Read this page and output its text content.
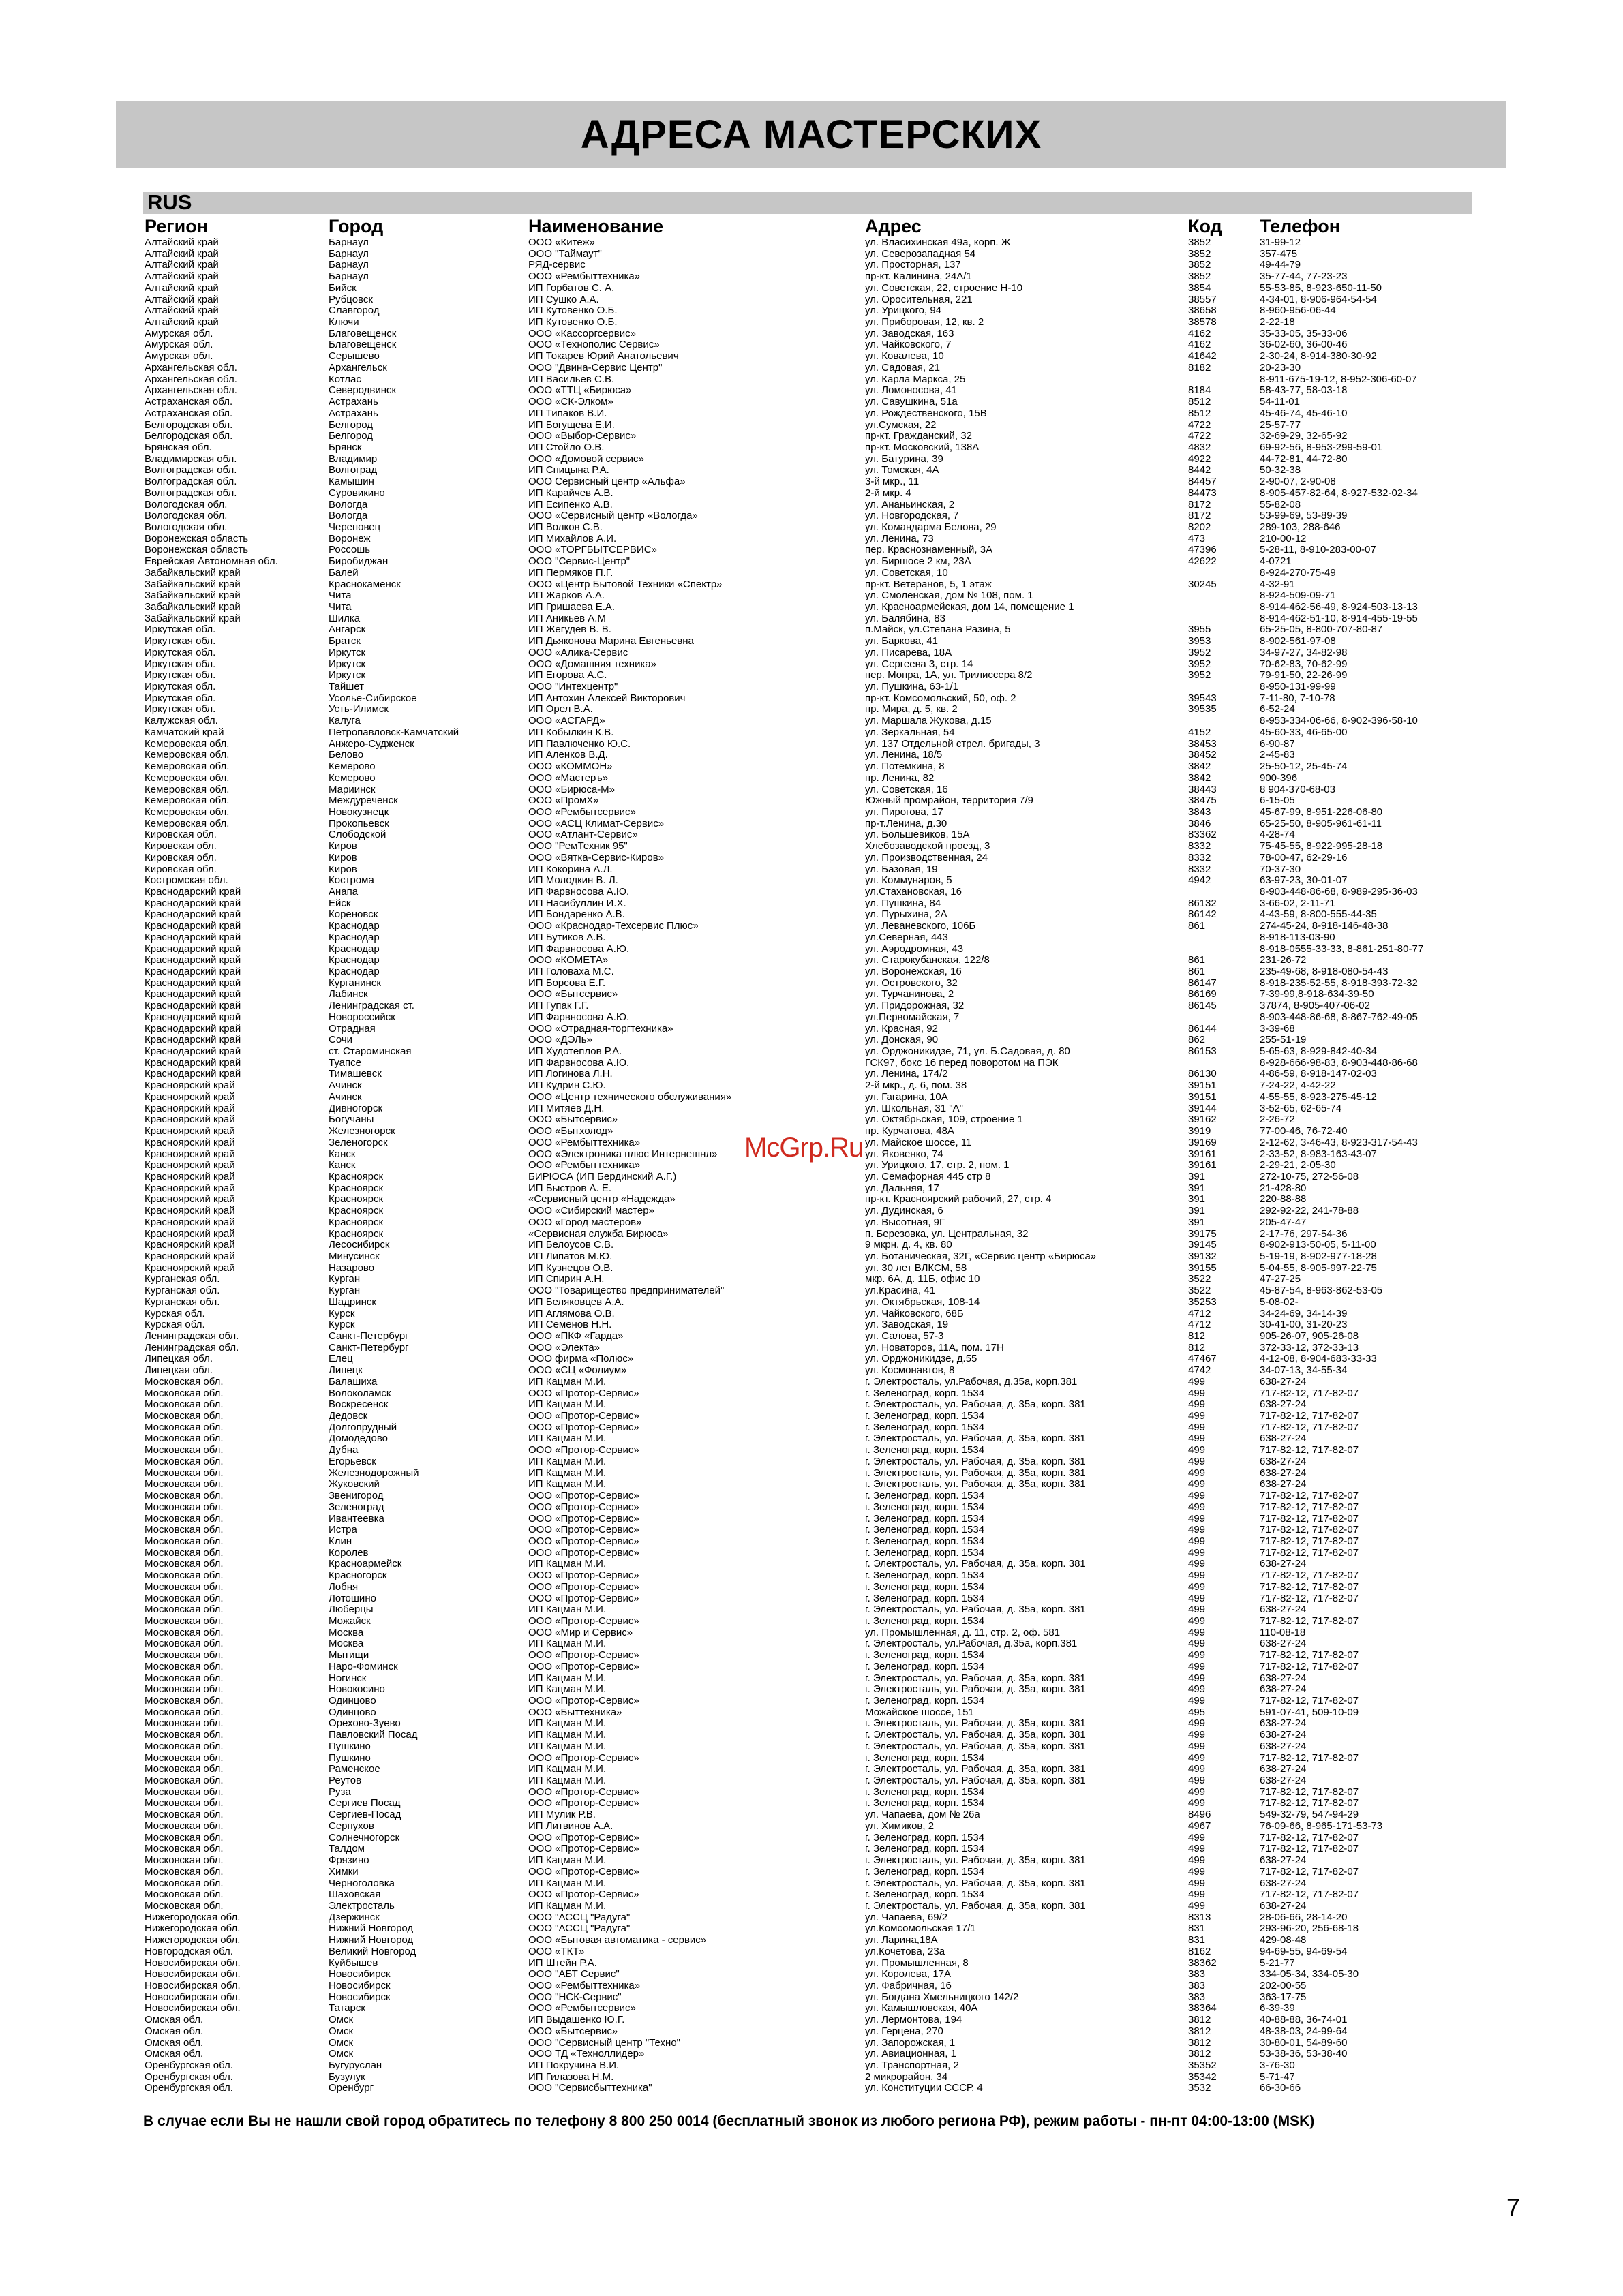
АДРЕСА МАСТЕРСКИХ
RUS
Регион	Город	Наименование	Адрес	Код	Телефон
Алтайский край	Барнаул	ООО «Китеж»	ул. Власихинская 49а, корп. Ж	3852	31-99-12
Алтайский край	Барнаул	ООО "Таймаут"	ул. Северозападная 54	3852	357-475
Алтайский край	Барнаул	РЯД-сервис	ул. Просторная, 137	3852	49-44-79
Алтайский край	Барнаул	ООО «Рембыттехника»	пр-кт. Калинина, 24А/1	3852	35-77-44, 77-23-23
Алтайский край	Бийск	ИП Горбатов С. А.	ул. Советская, 22, строение Н-10	3854	55-53-85, 8-923-650-11-50
Алтайский край	Рубцовск	ИП Сушко А.А.	ул. Оросительная, 221	38557	4-34-01, 8-906-964-54-54
Алтайский край	Славгород	ИП Кутовенко О.Б.	ул. Урицкого, 94	38658	8-960-956-06-44
Алтайский край	Ключи	ИП Кутовенко О.Б.	ул. Приборовая, 12, кв. 2	38578	2-22-18
Амурская обл.	Благовещенск	ООО «Кассоргсервис»	ул. Заводская, 163	4162	35-33-05, 35-33-06
Амурская обл.	Благовещенск	ООО «Технополис Сервис»	ул. Чайковского, 7	4162	36-02-60, 36-00-46
Амурская обл.	Серышево	ИП Токарев Юрий Анатольевич	ул. Ковалева, 10	41642	2-30-24, 8-914-380-30-92
Архангельская обл.	Архангельск	ООО "Двина-Сервис Центр"	ул. Садовая, 21	8182	20-23-30
Архангельская обл.	Котлас	ИП Васильев С.В.	ул. Карла Маркса, 25		8-911-675-19-12, 8-952-306-60-07
Архангельская обл.	Северодвинск	ООО «ТТЦ «Бирюса»	ул. Ломоносова, 41	8184	58-43-77, 58-03-18
Астраханская обл.	Астрахань	ООО «СК-Элком»	ул. Савушкина, 51а	8512	54-11-01
Астраханская обл.	Астрахань	ИП Типаков В.И.	ул. Рождественского, 15В	8512	45-46-74, 45-46-10
Белгородская обл.	Белгород	ИП Богущева Е.И.	ул.Сумская, 22	4722	25-57-77
Белгородская обл.	Белгород	ООО «Выбор-Сервис»	пр-кт. Гражданский, 32	4722	32-69-29, 32-65-92
Брянская обл.	Брянск	ИП Стойло О.В.	пр-кт. Московский, 138А	4832	69-92-56, 8-953-299-59-01
Владимирская обл.	Владимир	ООО «Домовой сервис»	ул. Батурина, 39	4922	44-72-81, 44-72-80
Волгоградская обл.	Волгоград	ИП Спицына Р.А.	ул. Томская, 4А	8442	50-32-38
Волгоградская обл.	Камышин	ООО Сервисный центр «Альфа»	3-й мкр., 11	84457	2-90-07, 2-90-08
Волгоградская обл.	Суровикино	ИП Карайчев А.В.	2-й мкр. 4	84473	8-905-457-82-64, 8-927-532-02-34
Вологодская обл.	Вологда	ИП Есипенко А.В.	ул. Ананьинская, 2	8172	55-82-08
Вологодская обл.	Вологда	ООО «Сервисный центр «Вологда»	ул. Новгородская, 7	8172	53-99-69, 53-89-39
Вологодская обл.	Череповец	ИП Волков С.В.	ул. Командарма Белова, 29	8202	289-103, 288-646
Воронежская область	Воронеж	ИП Михайлов А.И.	ул. Ленина, 73	473	210-00-12
Воронежская область	Россошь	ООО «ТОРГБЫТСЕРВИС»	пер. Краснознаменный, 3А	47396	5-28-11, 8-910-283-00-07
Еврейская Автономная обл.	Биробиджан	ООО "Сервис-Центр"	ул. Биршосе 2 км, 23А	42622	4-0721
Забайкальский край	Балей	ИП Пермяков П.Г.	ул. Советская, 10		8-924-270-75-49
Забайкальский край	Краснокаменск	ООО «Центр Бытовой Техники «Спектр»	пр-кт. Ветеранов, 5, 1 этаж	30245	4-32-91
Забайкальский край	Чита	ИП Жарков А.А.	ул. Смоленская, дом № 108, пом. 1		8-924-509-09-71
Забайкальский край	Чита	ИП Гришаева Е.А.	ул. Красноармейская, дом 14, помещение 1		8-914-462-56-49, 8-924-503-13-13
Забайкальский край	Шилка	ИП Аникьев А.М	ул. Балябина, 83		8-914-462-51-10, 8-914-455-19-55
Иркутская обл.	Ангарск	ИП Жегудев В. В.	п.Майск, ул.Степана Разина, 5	3955	65-25-05, 8-800-707-80-87
Иркутская обл.	Братск	ИП Дьяконова Марина Евгеньевна	ул. Баркова, 41	3953	8-902-561-97-08
Иркутская обл.	Иркутск	ООО «Алика-Сервис	ул. Писарева, 18А	3952	34-97-27, 34-82-98
Иркутская обл.	Иркутск	ООО «Домашняя техника»	ул. Сергеева 3, стр. 14	3952	70-62-83, 70-62-99
Иркутская обл.	Иркутск	ИП Егорова А.С.	пер. Мопра, 1А, ул. Трилиссера 8/2	3952	79-91-50, 22-26-99
Иркутская обл.	Тайшет	ООО "Интехцентр"	ул. Пушкина, 63-1/1		8-950-131-99-99
Иркутская обл.	Усолье-Сибирское	ИП Антохин Алексей Викторович	пр-кт. Комсомольский, 50, оф. 2	39543	7-11-80, 7-10-78
Иркутская обл.	Усть-Илимск	ИП Орел В.А.	пр. Мира, д. 5, кв. 2	39535	6-52-24
Калужская обл.	Калуга	ООО «АСГАРД»	ул. Маршала Жукова, д.15		8-953-334-06-66, 8-902-396-58-10
Камчатский край	Петропавловск-Камчатский	ИП Кобылкин К.В.	ул. Зеркальная, 54	4152	45-60-33, 46-65-00
Кемеровская обл.	Анжеро-Судженск	ИП Павлюченко Ю.С.	ул. 137 Отдельной стрел. бригады, 3	38453	6-90-87
Кемеровская обл.	Белово	ИП Аленков В.Д.	ул. Ленина, 18/5	38452	2-45-83
Кемеровская обл.	Кемерово	ООО «КОММОН»	ул. Потемкина, 8	3842	25-50-12, 25-45-74
Кемеровская обл.	Кемерово	ООО «Мастеръ»	пр. Ленина, 82	3842	900-396
Кемеровская обл.	Мариинск	ООО «Бирюса-М»	ул. Советская, 16	38443	8 904-370-68-03
Кемеровская обл.	Междуреченск	ООО «ПромХ»	Южный промрайон, территория 7/9	38475	6-15-05
Кемеровская обл.	Новокузнецк	ООО «Рембытсервис»	ул. Пирогова, 17	3843	45-67-99, 8-951-226-06-80
Кемеровская обл.	Прокопьевск	ООО «АСЦ Климат-Сервис»	пр-т.Ленина, д.30	3846	65-25-50, 8-905-961-61-11
Кировская обл.	Слободской	ООО «Атлант-Сервис»	ул. Большевиков, 15А	83362	4-28-74
Кировская обл.	Киров	ООО "РемТехник 95"	Хлебозаводской проезд, 3	8332	75-45-55, 8-922-995-28-18
Кировская обл.	Киров	ООО «Вятка-Сервис-Киров»	ул. Производственная, 24	8332	78-00-47, 62-29-16
Кировская обл.	Киров	ИП Кокорина А.Л.	ул. Базовая, 19	8332	70-37-30
Костромская обл.	Кострома	ИП Молодкин В. Л.	ул. Коммунаров, 5	4942	63-97-23, 30-01-07
Краснодарский край	Анапа	ИП Фарвносова А.Ю.	ул.Стахановская, 16		8-903-448-86-68, 8-989-295-36-03
Краснодарский край	Ейск	ИП Насибуллин И.Х.	ул. Пушкина, 84	86132	3-66-02, 2-11-71
Краснодарский край	Кореновск	ИП Бондаренко А.В.	ул. Пурыхина, 2А	86142	4-43-59, 8-800-555-44-35
Краснодарский край	Краснодар	ООО «Краснодар-Техсервис Плюс»	ул. Леваневского, 106Б	861	274-45-24, 8-918-146-48-38
Краснодарский край	Краснодар	ИП Бутиков А.В.	ул.Северная, 443		8-918-113-03-90
Краснодарский край	Краснодар	ИП Фарвносова А.Ю.	ул. Аэродромная, 43		8-918-0555-33-33, 8-861-251-80-77
Краснодарский край	Краснодар	ООО «КОМЕТА»	ул. Старокубанская, 122/8	861	231-26-72
Краснодарский край	Краснодар	ИП Головаха М.С.	ул. Воронежская, 16	861	235-49-68, 8-918-080-54-43
Краснодарский край	Курганинск	ИП Борсова Е.Г.	ул. Островского, 32	86147	8-918-235-52-55, 8-918-393-72-32
Краснодарский край	Лабинск	ООО «Бытсервис»	ул. Турчанинова, 2	86169	7-39-99,8-918-634-39-50
Краснодарский край	Ленинградская ст.	ИП Гупак Г.Г.	ул. Придорожная, 32	86145	37874, 8-905-407-06-02
Краснодарский край	Новороссийск	ИП Фарвносова А.Ю.	ул.Первомайская, 7		8-903-448-86-68, 8-867-762-49-05
Краснодарский край	Отрадная	ООО «Отрадная-торгтехника»	ул. Красная, 92	86144	3-39-68
Краснодарский край	Сочи	ООО «ДЭЛь»	ул. Донская, 90	862	255-51-19
Краснодарский край	ст. Староминская	ИП Худотеплов Р.А.	ул. Орджоникидзе, 71, ул. Б.Садовая, д. 80	86153	5-65-63, 8-929-842-40-34
Краснодарский край	Туапсе	ИП Фарвносова А.Ю.	ГСК97, бокс 16 перед поворотом на ПЭК		8-928-666-98-83, 8-903-448-86-68
Краснодарский край	Тимашевск	ИП Логинова Л.Н.	ул. Ленина, 174/2	86130	4-86-59, 8-918-147-02-03
Красноярский край	Ачинск	ИП Кудрин С.Ю.	2-й мкр., д. 6, пом. 38	39151	7-24-22, 4-42-22
Красноярский край	Ачинск	ООО «Центр технического обслуживания»	ул. Гагарина, 10А	39151	4-55-55, 8-923-275-45-12
Красноярский край	Дивногорск	ИП Митяев Д.Н.	ул. Школьная, 31 "А"	39144	3-52-65, 62-65-74
Красноярский край	Богучаны	ООО «Бытсервис»	ул. Октябрьская, 109, строение 1	39162	2-26-72
Красноярский край	Железногорск	ООО «Бытхолод»	пр. Курчатова, 48А	3919	77-00-46, 76-72-40
Красноярский край	Зеленогорск	ООО «Рембыттехника»	ул. Майское шоссе, 11	39169	2-12-62, 3-46-43, 8-923-317-54-43
Красноярский край	Канск	ООО «Электроника плюс Интернешнл»	ул. Яковенко, 74	39161	2-33-52, 8-983-163-43-07
Красноярский край	Канск	ООО «Рембыттехника»	ул. Урицкого, 17, стр. 2, пом. 1	39161	2-29-21, 2-05-30
Красноярский край	Красноярск	БИРЮСА (ИП Бердинский А.Г.)	ул. Семафорная 445 стр 8	391	272-10-75, 272-56-08
Красноярский край	Красноярск	ИП Быстров А. Е.	ул. Дальняя, 17	391	21-428-80
Красноярский край	Красноярск	«Сервисный центр «Надежда»	пр-кт. Красноярский рабочий, 27, стр. 4	391	220-88-88
Красноярский край	Красноярск	ООО «Сибирский мастер»	ул. Дудинская, 6	391	292-92-22, 241-78-88
Красноярский край	Красноярск	ООО «Город мастеров»	ул. Высотная, 9Г	391	205-47-47
Красноярский край	Красноярск	«Сервисная служба Бирюса»	п. Березовка, ул. Центральная, 32	39175	2-17-76, 297-54-36
Красноярский край	Лесосибирск	ИП Белоусов С.В.	9 мкрн. д. 4, кв. 80	39145	8-902-913-50-05, 5-11-00
Красноярский край	Минусинск	ИП Липатов М.Ю.	ул. Ботаническая, 32Г, «Сервис центр «Бирюса»	39132	5-19-19, 8-902-977-18-28
Красноярский край	Назарово	ИП Кузнецов О.В.	ул. 30 лет ВЛКСМ, 58	39155	5-04-55, 8-905-997-22-75
Курганская обл.	Курган	ИП Спирин А.Н.	мкр. 6А, д. 11Б, офис 10	3522	47-27-25
Курганская обл.	Курган	ООО "Товарищество предпринимателей"	ул.Красина, 41	3522	45-87-54, 8-963-862-53-05
Курганская обл.	Шадринск	ИП Беляковцев А.А.	ул. Октябрьская, 108-14	35253	5-08-02-
Курская обл.	Курск	ИП Аглямова О.В.	ул. Чайковского, 68Б	4712	34-24-69, 34-14-39
Курская обл.	Курск	ИП Семенов Н.Н.	ул. Заводская, 19	4712	30-41-00, 31-20-23
Ленинградская обл.	Санкт-Петербург	ООО «ПКФ «Гарда»	ул. Салова, 57-3	812	905-26-07, 905-26-08
Ленинградская обл.	Санкт-Петербург	ООО «Электа»	ул. Новаторов, 11А, пом. 17Н	812	372-33-12, 372-33-13
Липецкая обл.	Елец	ООО фирма «Полюс»	ул. Орджоникидзе, д.55	47467	4-12-08, 8-904-683-33-33
Липецкая обл.	Липецк	ООО «СЦ «Фолиум»	ул. Космонавтов, 8	4742	34-07-13, 34-55-34
Московская обл.	Балашиха	ИП Кацман М.И.	г. Электросталь, ул.Рабочая, д.35а, корп.381	499	638-27-24
Московская обл.	Волоколамск	ООО «Протор-Сервис»	г. Зеленоград, корп. 1534	499	717-82-12, 717-82-07
Московская обл.	Воскресенск	ИП Кацман М.И.	г. Электросталь, ул. Рабочая, д. 35а, корп. 381	499	638-27-24
Московская обл.	Дедовск	ООО «Протор-Сервис»	г. Зеленоград, корп. 1534	499	717-82-12, 717-82-07
Московская обл.	Долгопрудный	ООО «Протор-Сервис»	г. Зеленоград, корп. 1534	499	717-82-12, 717-82-07
Московская обл.	Домодедово	ИП Кацман М.И.	г. Электросталь, ул. Рабочая, д. 35а, корп. 381	499	638-27-24
Московская обл.	Дубна	ООО «Протор-Сервис»	г. Зеленоград, корп. 1534	499	717-82-12, 717-82-07
Московская обл.	Егорьевск	ИП Кацман М.И.	г. Электросталь, ул. Рабочая, д. 35а, корп. 381	499	638-27-24
Московская обл.	Железнодорожный	ИП Кацман М.И.	г. Электросталь, ул. Рабочая, д. 35а, корп. 381	499	638-27-24
Московская обл.	Жуковский	ИП Кацман М.И.	г. Электросталь, ул. Рабочая, д. 35а, корп. 381	499	638-27-24
Московская обл.	Звенигород	ООО «Протор-Сервис»	г. Зеленоград, корп. 1534	499	717-82-12, 717-82-07
Московская обл.	Зеленоград	ООО «Протор-Сервис»	г. Зеленоград, корп. 1534	499	717-82-12, 717-82-07
Московская обл.	Ивантеевка	ООО «Протор-Сервис»	г. Зеленоград, корп. 1534	499	717-82-12, 717-82-07
Московская обл.	Истра	ООО «Протор-Сервис»	г. Зеленоград, корп. 1534	499	717-82-12, 717-82-07
Московская обл.	Клин	ООО «Протор-Сервис»	г. Зеленоград, корп. 1534	499	717-82-12, 717-82-07
Московская обл.	Королев	ООО «Протор-Сервис»	г. Зеленоград, корп. 1534	499	717-82-12, 717-82-07
Московская обл.	Красноармейск	ИП Кацман М.И.	г. Электросталь, ул. Рабочая, д. 35а, корп. 381	499	638-27-24
Московская обл.	Красногорск	ООО «Протор-Сервис»	г. Зеленоград, корп. 1534	499	717-82-12, 717-82-07
Московская обл.	Лобня	ООО «Протор-Сервис»	г. Зеленоград, корп. 1534	499	717-82-12, 717-82-07
Московская обл.	Лотошино	ООО «Протор-Сервис»	г. Зеленоград, корп. 1534	499	717-82-12, 717-82-07
Московская обл.	Люберцы	ИП Кацман М.И.	г. Электросталь, ул. Рабочая, д. 35а, корп. 381	499	638-27-24
Московская обл.	Можайск	ООО «Протор-Сервис»	г. Зеленоград, корп. 1534	499	717-82-12, 717-82-07
Московская обл.	Москва	ООО «Мир и Сервис»	ул. Промышленная, д. 11, стр. 2, оф. 581	499	110-08-18
Московская обл.	Москва	ИП Кацман М.И.	г. Электросталь, ул.Рабочая, д.35а, корп.381	499	638-27-24
Московская обл.	Мытищи	ООО «Протор-Сервис»	г. Зеленоград, корп. 1534	499	717-82-12, 717-82-07
Московская обл.	Наро-Фоминск	ООО «Протор-Сервис»	г. Зеленоград, корп. 1534	499	717-82-12, 717-82-07
Московская обл.	Ногинск	ИП Кацман М.И.	г. Электросталь, ул. Рабочая, д. 35а, корп. 381	499	638-27-24
Московская обл.	Новокосино	ИП Кацман М.И.	г. Электросталь, ул. Рабочая, д. 35а, корп. 381	499	638-27-24
Московская обл.	Одинцово	ООО «Протор-Сервис»	г. Зеленоград, корп. 1534	499	717-82-12, 717-82-07
Московская обл.	Одинцово	ООО «Быттехника»	Можайское шоссе, 151	495	591-07-41, 509-10-09
Московская обл.	Орехово-Зуево	ИП Кацман М.И.	г. Электросталь, ул. Рабочая, д. 35а, корп. 381	499	638-27-24
Московская обл.	Павловский Посад	ИП Кацман М.И.	г. Электросталь, ул. Рабочая, д. 35а, корп. 381	499	638-27-24
Московская обл.	Пушкино	ИП Кацман М.И.	г. Электросталь, ул. Рабочая, д. 35а, корп. 381	499	638-27-24
Московская обл.	Пушкино	ООО «Протор-Сервис»	г. Зеленоград, корп. 1534	499	717-82-12, 717-82-07
Московская обл.	Раменское	ИП Кацман М.И.	г. Электросталь, ул. Рабочая, д. 35а, корп. 381	499	638-27-24
Московская обл.	Реутов	ИП Кацман М.И.	г. Электросталь, ул. Рабочая, д. 35а, корп. 381	499	638-27-24
Московская обл.	Руза	ООО «Протор-Сервис»	г. Зеленоград, корп. 1534	499	717-82-12, 717-82-07
Московская обл.	Сергиев Посад	ООО «Протор-Сервис»	г. Зеленоград, корп. 1534	499	717-82-12, 717-82-07
Московская обл.	Сергиев-Посад	ИП Мулик Р.В.	ул. Чапаева, дом № 26а	8496	549-32-79, 547-94-29
Московская обл.	Серпухов	ИП Литвинов А.А.	ул. Химиков, 2	4967	76-09-66, 8-965-171-53-73
Московская обл.	Солнечногорск	ООО «Протор-Сервис»	г. Зеленоград, корп. 1534	499	717-82-12, 717-82-07
Московская обл.	Талдом	ООО «Протор-Сервис»	г. Зеленоград, корп. 1534	499	717-82-12, 717-82-07
Московская обл.	Фрязино	ИП Кацман М.И.	г. Электросталь, ул. Рабочая, д. 35а, корп. 381	499	638-27-24
Московская обл.	Химки	ООО «Протор-Сервис»	г. Зеленоград, корп. 1534	499	717-82-12, 717-82-07
Московская обл.	Черноголовка	ИП Кацман М.И.	г. Электросталь, ул. Рабочая, д. 35а, корп. 381	499	638-27-24
Московская обл.	Шаховская	ООО «Протор-Сервис»	г. Зеленоград, корп. 1534	499	717-82-12, 717-82-07
Московская обл.	Электросталь	ИП Кацман М.И.	г. Электросталь, ул. Рабочая, д. 35а, корп. 381	499	638-27-24
Нижегородская обл.	Дзержинск	ООО "АССЦ "Радуга"	ул. Чапаева, 69/2	8313	28-06-66, 28-14-20
Нижегородская обл.	Нижний Новгород	ООО "АССЦ "Радуга"	ул.Комсомольская 17/1	831	293-96-20, 256-68-18
Нижегородская обл.	Нижний Новгород	ООО «Бытовая автоматика - сервис»	ул. Ларина,18А	831	429-08-48
Новгородская обл.	Великий Новгород	ООО «ТКТ»	ул.Кочетова, 23а	8162	94-69-55, 94-69-54
Новосибирская обл.	Куйбышев	ИП Штейн Р.А.	ул. Промышленная, 8	38362	5-21-77
Новосибирская обл.	Новосибирск	ООО "АБТ Сервис"	ул. Королева, 17А	383	334-05-34, 334-05-30
Новосибирская обл.	Новосибирск	ООО «Рембыттехника»	ул. Фабричная, 16	383	202-00-55
Новосибирская обл.	Новосибирск	ООО "НСК-Сервис"	ул. Богдана Хмельницкого 142/2	383	363-17-75
Новосибирская обл.	Татарск	ООО «Рембытсервис»	ул. Камышловская, 40А	38364	6-39-39
Омская обл.	Омск	ИП Выдашенко Ю.Г.	ул. Лермонтова, 194	3812	40-88-88, 36-74-01
Омская обл.	Омск	ООО «Бытсервис»	ул. Герцена, 270	3812	48-38-03, 24-99-64
Омская обл.	Омск	ООО "Сервисный центр "Техно"	ул. Запорожская, 1	3812	30-80-01, 54-89-60
Омская обл.	Омск	ООО ТД «Техноллидер»	ул. Авиационная, 1	3812	53-38-36, 53-38-40
Оренбургская обл.	Бугуруслан	ИП Покручина В.И.	ул. Транспортная, 2	35352	3-76-30
Оренбургская обл.	Бузулук	ИП Гилазова Н.М.	2 микрорайон, 34	35342	5-71-47
Оренбургская обл.	Оренбург	ООО "Сервисбыттехника"	ул. Конституции СССР, 4	3532	66-30-66
McGrp.Ru
В случае если Вы не нашли свой город обратитесь по телефону 8 800 250 0014 (бесплатный звонок из любого региона РФ), режим работы - пн-пт 04:00-13:00 (MSK)
7
